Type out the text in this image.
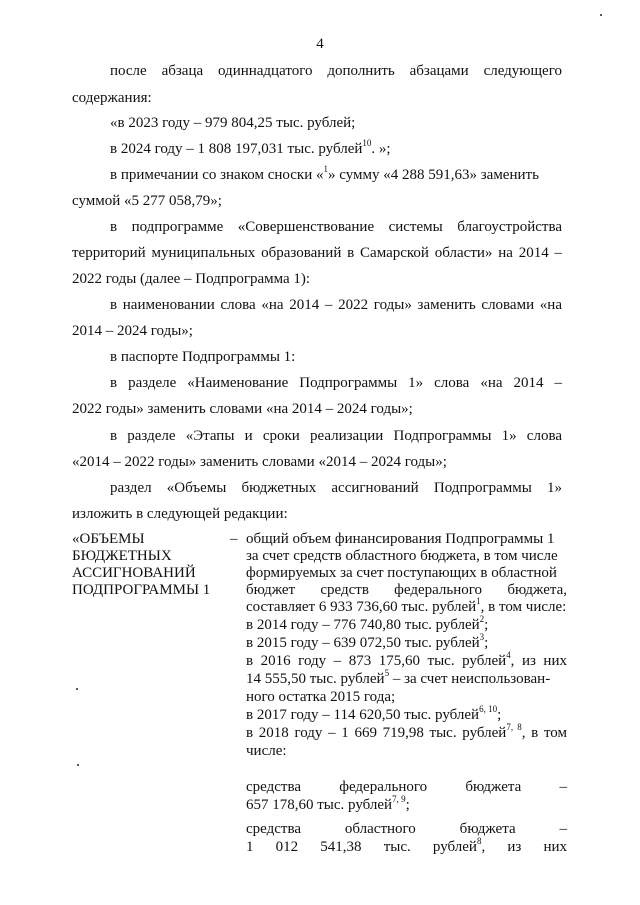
4
после абзаца одиннадцатого дополнить абзацами следующего
содержания:
«в 2023 году – 979 804,25 тыс. рублей;
в 2024 году – 1 808 197,031 тыс. рублей$^{10}$. »;
в примечании со знаком сноски «$^1$» сумму «4 288 591,63» заменить
суммой «5 277 058,79»;
в подпрограмме «Совершенствование системы благоустройства
территорий муниципальных образований в Самарской области» на 2014 –
2022 годы (далее – Подпрограмма 1):
в наименовании слова «на 2014 – 2022 годы» заменить словами «на
2014 – 2024 годы»;
в паспорте Подпрограммы 1:
в разделе «Наименование Подпрограммы 1» слова «на 2014 –
2022 годы» заменить словами «на 2014 – 2024 годы»;
в разделе «Этапы и сроки реализации Подпрограммы 1» слова
«2014 – 2022 годы» заменить словами «2014 – 2024 годы»;
раздел «Объемы бюджетных ассигнований Подпрограммы 1»
изложить в следующей редакции:
«ОБЪЕМЫ
БЮДЖЕТНЫХ
АССИГНОВАНИЙ
ПОДПРОГРАММЫ 1
– общий объем финансирования Подпрограммы 1
за счет средств областного бюджета, в том числе
формируемых за счет поступающих в областной
бюджет средств федерального бюджета,
составляет 6 933 736,60 тыс. рублей$^1$, в том числе:
в 2014 году – 776 740,80 тыс. рублей$^2$;
в 2015 году – 639 072,50 тыс. рублей$^3$;
в 2016 году – 873 175,60 тыс. рублей$^4$, из них
14 555,50 тыс. рублей$^5$ – за счет неиспользован-
ного остатка 2015 года;
в 2017 году – 114 620,50 тыс. рублей$^{6, 10}$;
в 2018 году – 1 669 719,98 тыс. рублей$^{7, 8}$, в том
числе:
средства федерального бюджета –
657 178,60 тыс. рублей$^{7, 9}$;
средства областного бюджета –
1 012 541,38 тыс. рублей$^8$, из них
